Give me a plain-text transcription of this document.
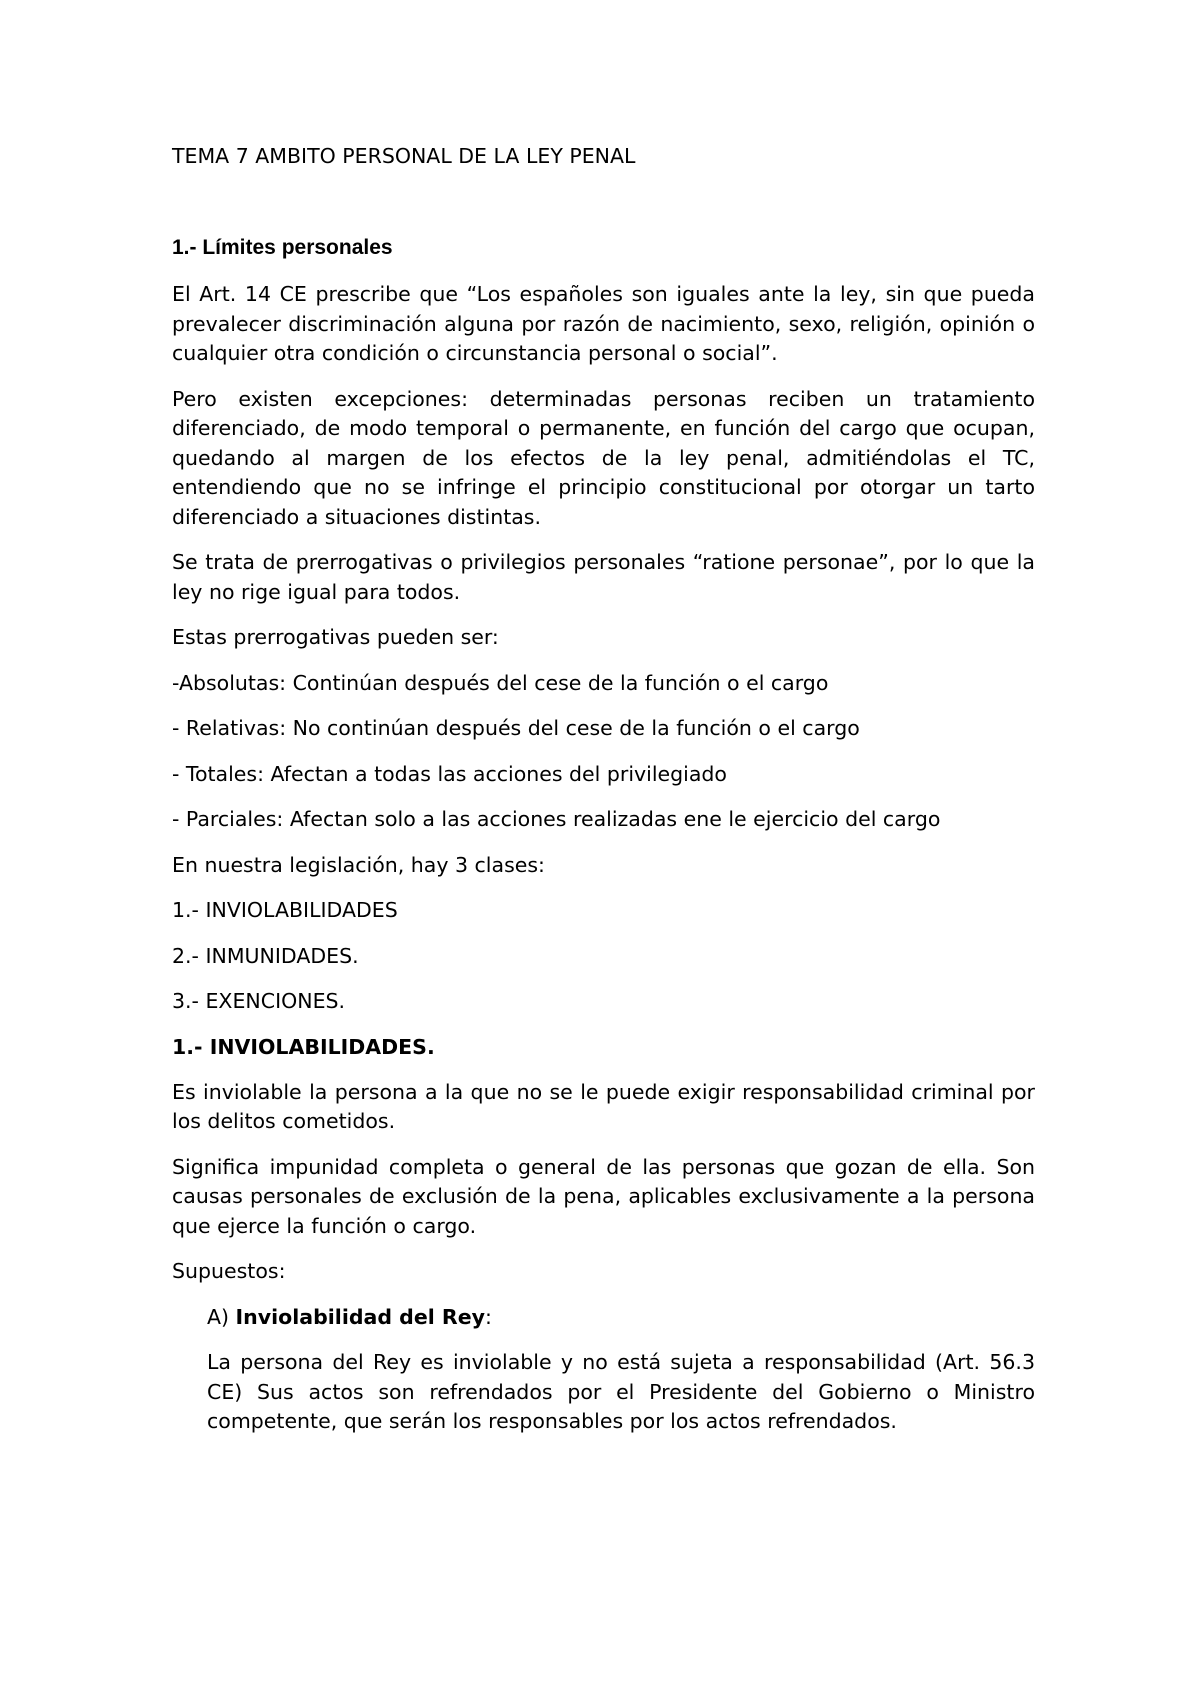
TEMA 7 AMBITO PERSONAL DE LA LEY PENAL
1.- Límites personales

El Art. 14 CE prescribe que “Los españoles son iguales ante la ley, sin que pueda prevalecer discriminación alguna por razón de nacimiento, sexo, religión, opinión o cualquier otra condición o circunstancia personal o social”.

Pero existen excepciones: determinadas personas reciben un tratamiento diferenciado, de modo temporal o permanente, en función del cargo que ocupan, quedando al margen de los efectos de la ley penal, admitiéndolas el TC, entendiendo que no se infringe el principio constitucional por otorgar un tarto diferenciado a situaciones distintas.

Se trata de prerrogativas o privilegios personales “ratione personae”, por lo que la ley no rige igual para todos.

Estas prerrogativas pueden ser:

-Absolutas: Continúan después del cese de la función o el cargo
- Relativas: No continúan después del cese de la función o el cargo
- Totales: Afectan a todas las acciones del privilegiado
- Parciales: Afectan solo a las acciones realizadas ene le ejercicio del cargo

En nuestra legislación, hay 3 clases:

1.- INVIOLABILIDADES
2.- INMUNIDADES.
3.- EXENCIONES.
1.- INVIOLABILIDADES.

Es inviolable la persona a la que no se le puede exigir responsabilidad criminal por los delitos cometidos.

Significa impunidad completa o general de las personas que gozan de ella. Son causas personales de exclusión de la pena, aplicables exclusivamente a la persona que ejerce la función o cargo.

Supuestos:

A) Inviolabilidad del Rey:

La persona del Rey es inviolable y no está sujeta a responsabilidad (Art. 56.3 CE) Sus actos son refrendados por el Presidente del Gobierno o Ministro competente, que serán los responsables por los actos refrendados.
